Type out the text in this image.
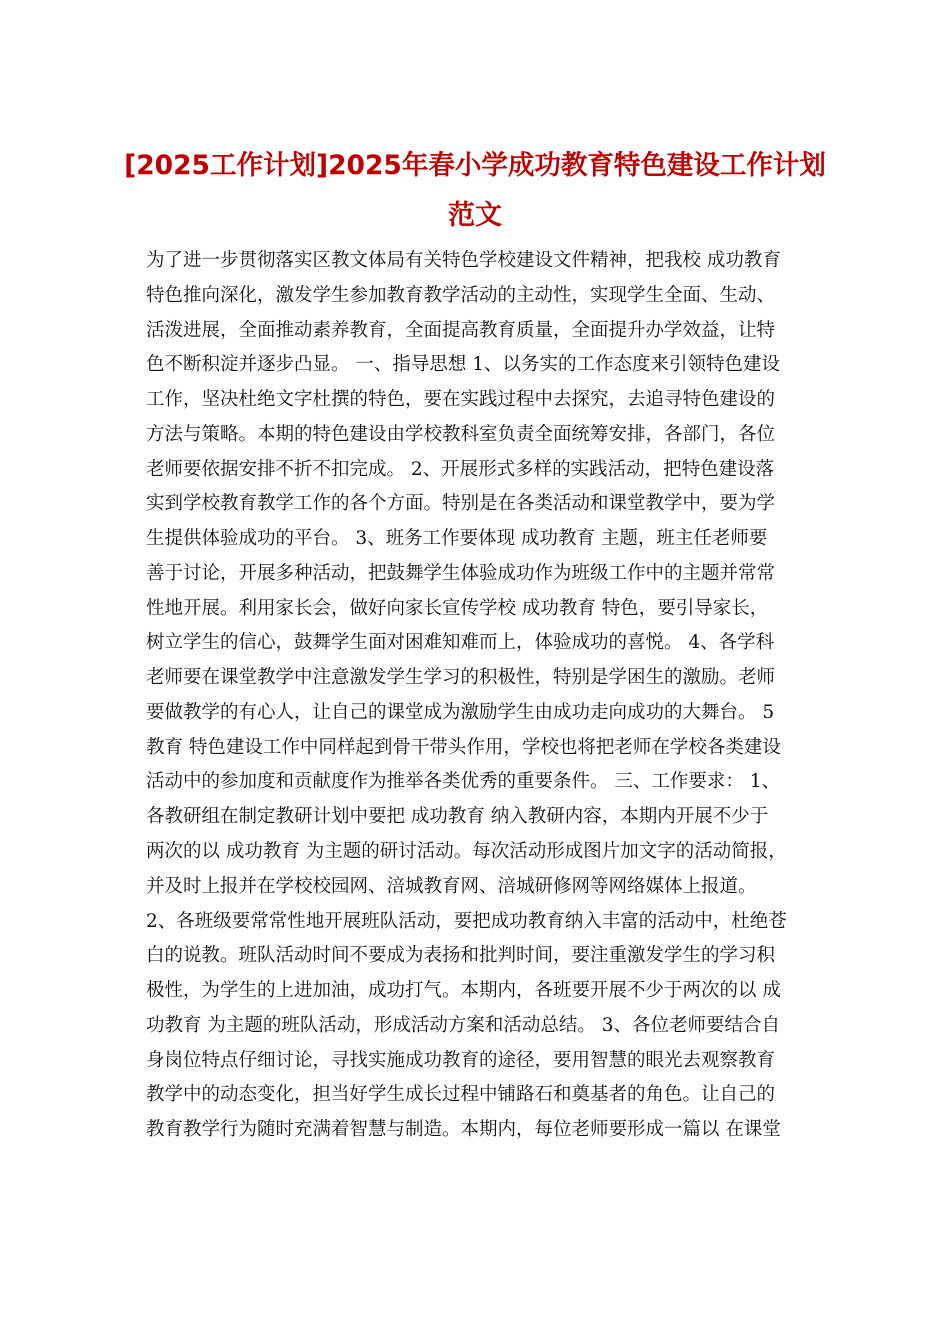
[2025工作计划]2025年春小学成功教育特色建设工作计划
范文
为了进一步贯彻落实区教文体局有关特色学校建设文件精神，把我校 成功教育
特色推向深化，激发学生参加教育教学活动的主动性，实现学生全面、生动、
活泼进展，全面推动素养教育，全面提高教育质量，全面提升办学效益，让特
色不断积淀并逐步凸显。 一、指导思想 1、以务实的工作态度来引领特色建设
工作，坚决杜绝文字杜撰的特色，要在实践过程中去探究，去追寻特色建设的
方法与策略。本期的特色建设由学校教科室负责全面统筹安排，各部门，各位
老师要依据安排不折不扣完成。 2、开展形式多样的实践活动，把特色建设落
实到学校教育教学工作的各个方面。特别是在各类活动和课堂教学中，要为学
生提供体验成功的平台。 3、班务工作要体现 成功教育 主题，班主任老师要
善于讨论，开展多种活动，把鼓舞学生体验成功作为班级工作中的主题并常常
性地开展。利用家长会，做好向家长宣传学校 成功教育 特色，要引导家长，
树立学生的信心，鼓舞学生面对困难知难而上，体验成功的喜悦。 4、各学科
老师要在课堂教学中注意激发学生学习的积极性，特别是学困生的激励。老师
要做教学的有心人，让自己的课堂成为激励学生由成功走向成功的大舞台。 5
教育 特色建设工作中同样起到骨干带头作用，学校也将把老师在学校各类建设
活动中的参加度和贡献度作为推举各类优秀的重要条件。 三、工作要求： 1、
各教研组在制定教研计划中要把 成功教育 纳入教研内容，本期内开展不少于
两次的以 成功教育 为主题的研讨活动。每次活动形成图片加文字的活动简报，
并及时上报并在学校校园网、涪城教育网、涪城研修网等网络媒体上报道。
2、各班级要常常性地开展班队活动，要把成功教育纳入丰富的活动中，杜绝苍
白的说教。班队活动时间不要成为表扬和批判时间，要注重激发学生的学习积
极性，为学生的上进加油，成功打气。本期内，各班要开展不少于两次的以 成
功教育 为主题的班队活动，形成活动方案和活动总结。 3、各位老师要结合自
身岗位特点仔细讨论，寻找实施成功教育的途径，要用智慧的眼光去观察教育
教学中的动态变化，担当好学生成长过程中铺路石和奠基者的角色。让自己的
教育教学行为随时充满着智慧与制造。本期内，每位老师要形成一篇以 在课堂
